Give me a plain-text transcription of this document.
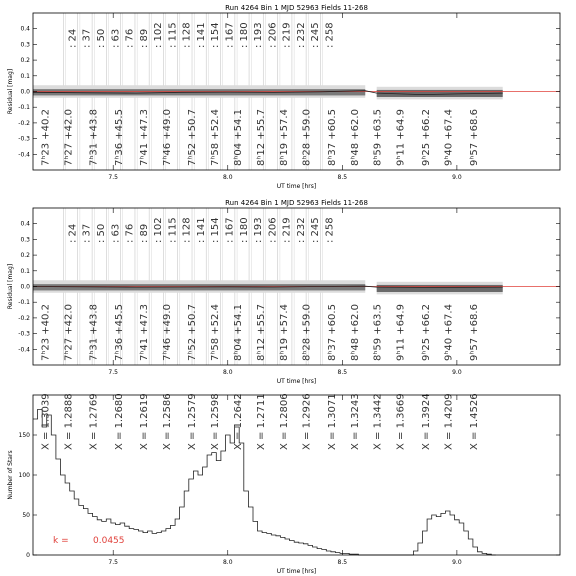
Run 4264 Bin 1 MJD 52963 Fields 11-268
: 24 : 37 : 50 : 63 : 76 : 89 : 102 : 115 : 128 : 141 : 154 : 167 : 180 : 193 : 206 : 219 : 232 : 245 : 258
7ʰ23 +40.2 7ʰ27 +42.0 7ʰ31 +43.8 7ʰ36 +45.5 7ʰ41 +47.3 7ʰ46 +49.0 7ʰ52 +50.7 7ʰ58 +52.4 8ʰ04 +54.1 8ʰ12 +55.7 8ʰ19 +57.4 8ʰ28 +59.0 8ʰ37 +60.5 8ʰ48 +62.0 8ʰ59 +63.5 9ʰ11 +64.9 9ʰ25 +66.2 9ʰ40 +67.4 9ʰ57 +68.6
7.5	8.0	8.5	9.0
-0.4
-0.3
-0.2
-0.1
0.0
0.1
0.2
0.3
0.4
UT time [hrs]
Residual [mag]
Run 4264 Bin 1 MJD 52963 Fields 11-268
: 24 : 37 : 50 : 63 : 76 : 89 : 102 : 115 : 128 : 141 : 154 : 167 : 180 : 193 : 206 : 219 : 232 : 245 : 258
7ʰ23 +40.2 7ʰ27 +42.0 7ʰ31 +43.8 7ʰ36 +45.5 7ʰ41 +47.3 7ʰ46 +49.0 7ʰ52 +50.7 7ʰ58 +52.4 8ʰ04 +54.1 8ʰ12 +55.7 8ʰ19 +57.4 8ʰ28 +59.0 8ʰ37 +60.5 8ʰ48 +62.0 8ʰ59 +63.5 9ʰ11 +64.9 9ʰ25 +66.2 9ʰ40 +67.4 9ʰ57 +68.6
7.5	8.0	8.5	9.0
-0.4
-0.3
-0.2
-0.1
0.0
0.1
0.2
0.3
0.4
UT time [hrs]
Residual [mag]
X = 1.3039 X = 1.2888 X = 1.2769 X = 1.2680 X = 1.2619 X = 1.2586 X = 1.2579 X = 1.2598 X = 1.2642 X = 1.2711 X = 1.2806 X = 1.2926 X = 1.3071 X = 1.3243 X = 1.3442 X = 1.3669 X = 1.3924 X = 1.4209 X = 1.4526
k =	0.0455
7.5	8.0	8.5	9.0
0
50
100
150
UT time [hrs]
Number of Stars
